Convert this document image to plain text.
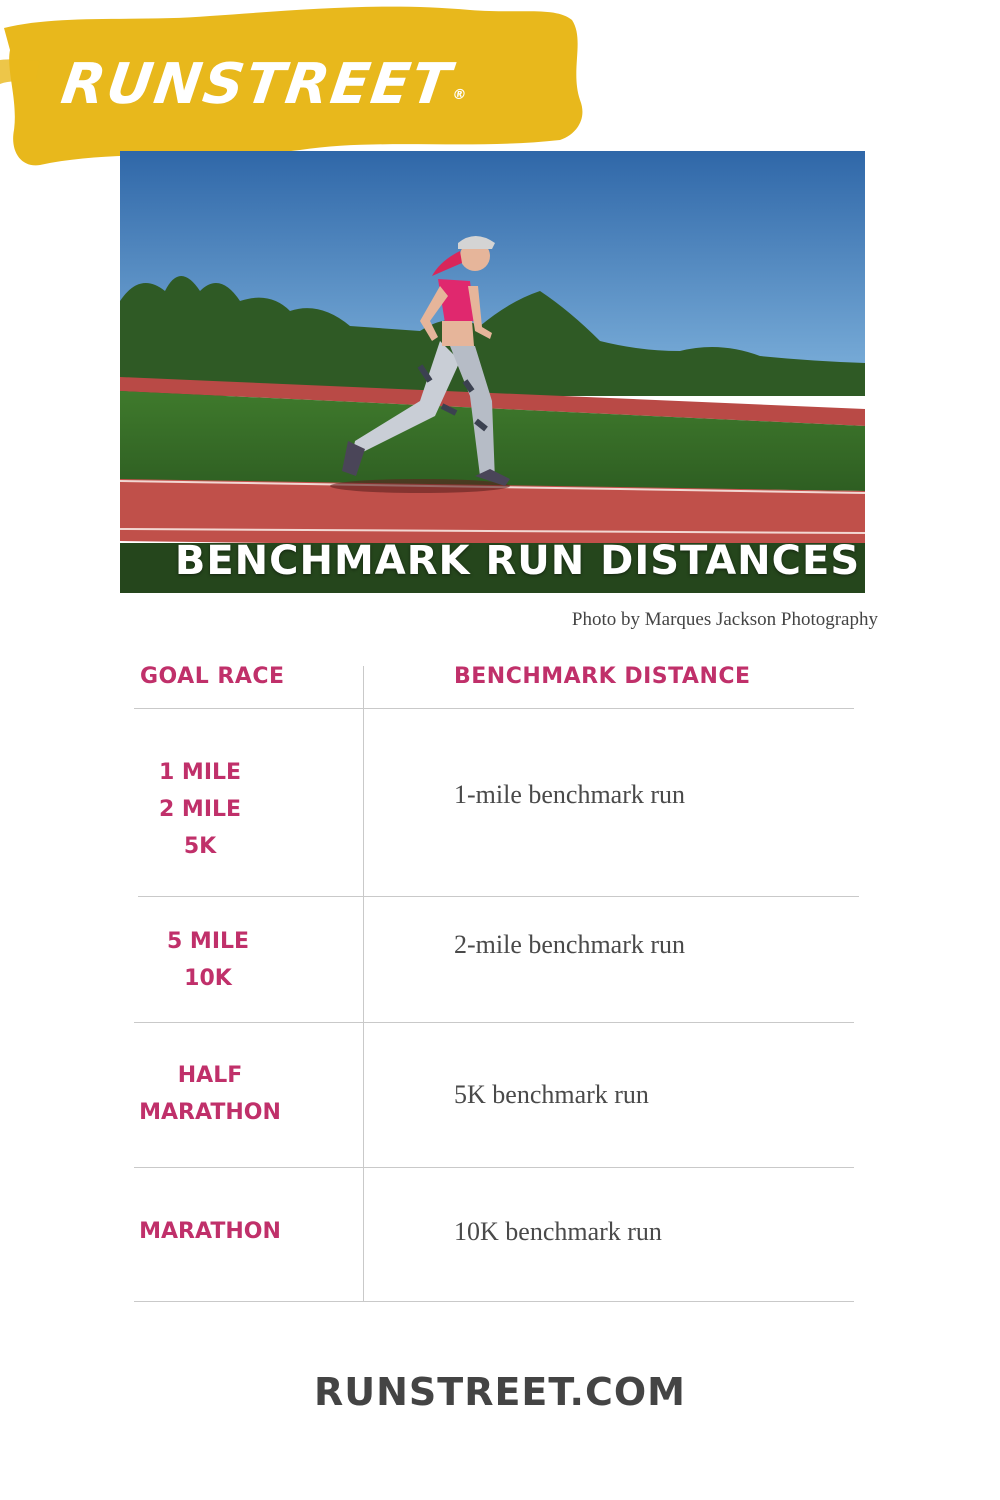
RUNSTREET®
BENCHMARK RUN DISTANCES
Photo by Marques Jackson Photography
GOAL RACE	BENCHMARK DISTANCE
1 MILE
2 MILE
5K
1-mile benchmark run
5 MILE
10K
2-mile benchmark run
HALF
MARATHON
5K benchmark run
MARATHON	10K benchmark run
RUNSTREET.COM
